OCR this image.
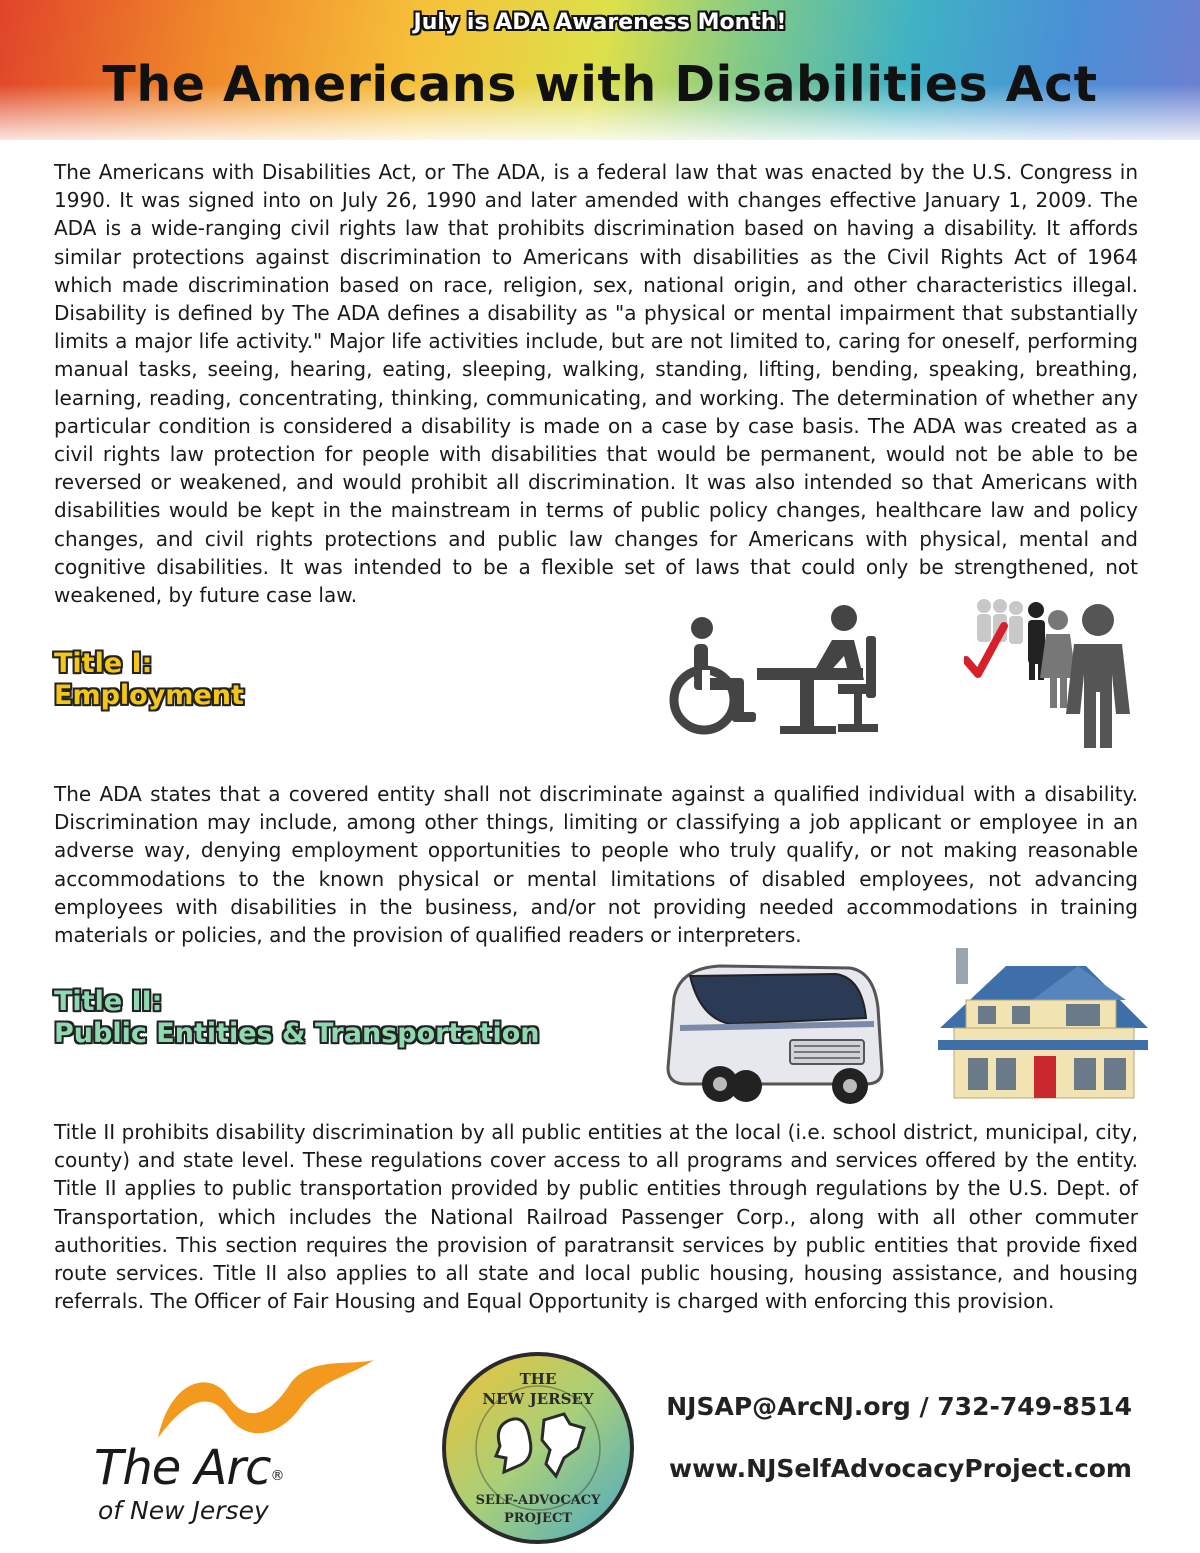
July is ADA Awareness Month!
The Americans with Disabilities Act

The Americans with Disabilities Act, or The ADA, is a federal law that was enacted by the U.S. Congress in 1990. It was signed into on July 26, 1990 and later amended with changes effective January 1, 2009. The ADA is a wide-ranging civil rights law that prohibits discrimination based on having a disability. It affords similar protections against discrimination to Americans with disabilities as the Civil Rights Act of 1964 which made discrimination based on race, religion, sex, national origin, and other characteristics illegal. Disability is defined by The ADA defines a disability as "a physical or mental impairment that substantially limits a major life activity." Major life activities include, but are not limited to, caring for oneself, performing manual tasks, seeing, hearing, eating, sleeping, walking, standing, lifting, bending, speaking, breathing, learning, reading, concentrating, thinking, communicating, and working. The determination of whether any particular condition is considered a disability is made on a case by case basis. The ADA was created as a civil rights law protection for people with disabilities that would be permanent, would not be able to be reversed or weakened, and would prohibit all discrimination. It was also intended so that Americans with disabilities would be kept in the mainstream in terms of public policy changes, healthcare law and policy changes, and civil rights protections and public law changes for Americans with physical, mental and cognitive disabilities. It was intended to be a flexible set of laws that could only be strengthened, not weakened, by future case law.

Title I:
Employment

The ADA states that a covered entity shall not discriminate against a qualified individual with a disability. Discrimination may include, among other things, limiting or classifying a job applicant or employee in an adverse way, denying employment opportunities to people who truly qualify, or not making reasonable accommodations to the known physical or mental limitations of disabled employees, not advancing employees with disabilities in the business, and/or not providing needed accommodations in training materials or policies, and the provision of qualified readers or interpreters.

Title II:
Public Entities & Transportation

Title II prohibits disability discrimination by all public entities at the local (i.e. school district, municipal, city, county) and state level. These regulations cover access to all programs and services offered by the entity. Title II applies to public transportation provided by public entities through regulations by the U.S. Dept. of Transportation, which includes the National Railroad Passenger Corp., along with all other commuter authorities. This section requires the provision of paratransit services by public entities that provide fixed route services. Title II also applies to all state and local public housing, housing assistance, and housing referrals. The Officer of Fair Housing and Equal Opportunity is charged with enforcing this provision.

The Arc®
of New Jersey
THE
NEW JERSEY
SELF-ADVOCACY
PROJECT
NJSAP@ArcNJ.org / 732-749-8514
www.NJSelfAdvocacyProject.com
